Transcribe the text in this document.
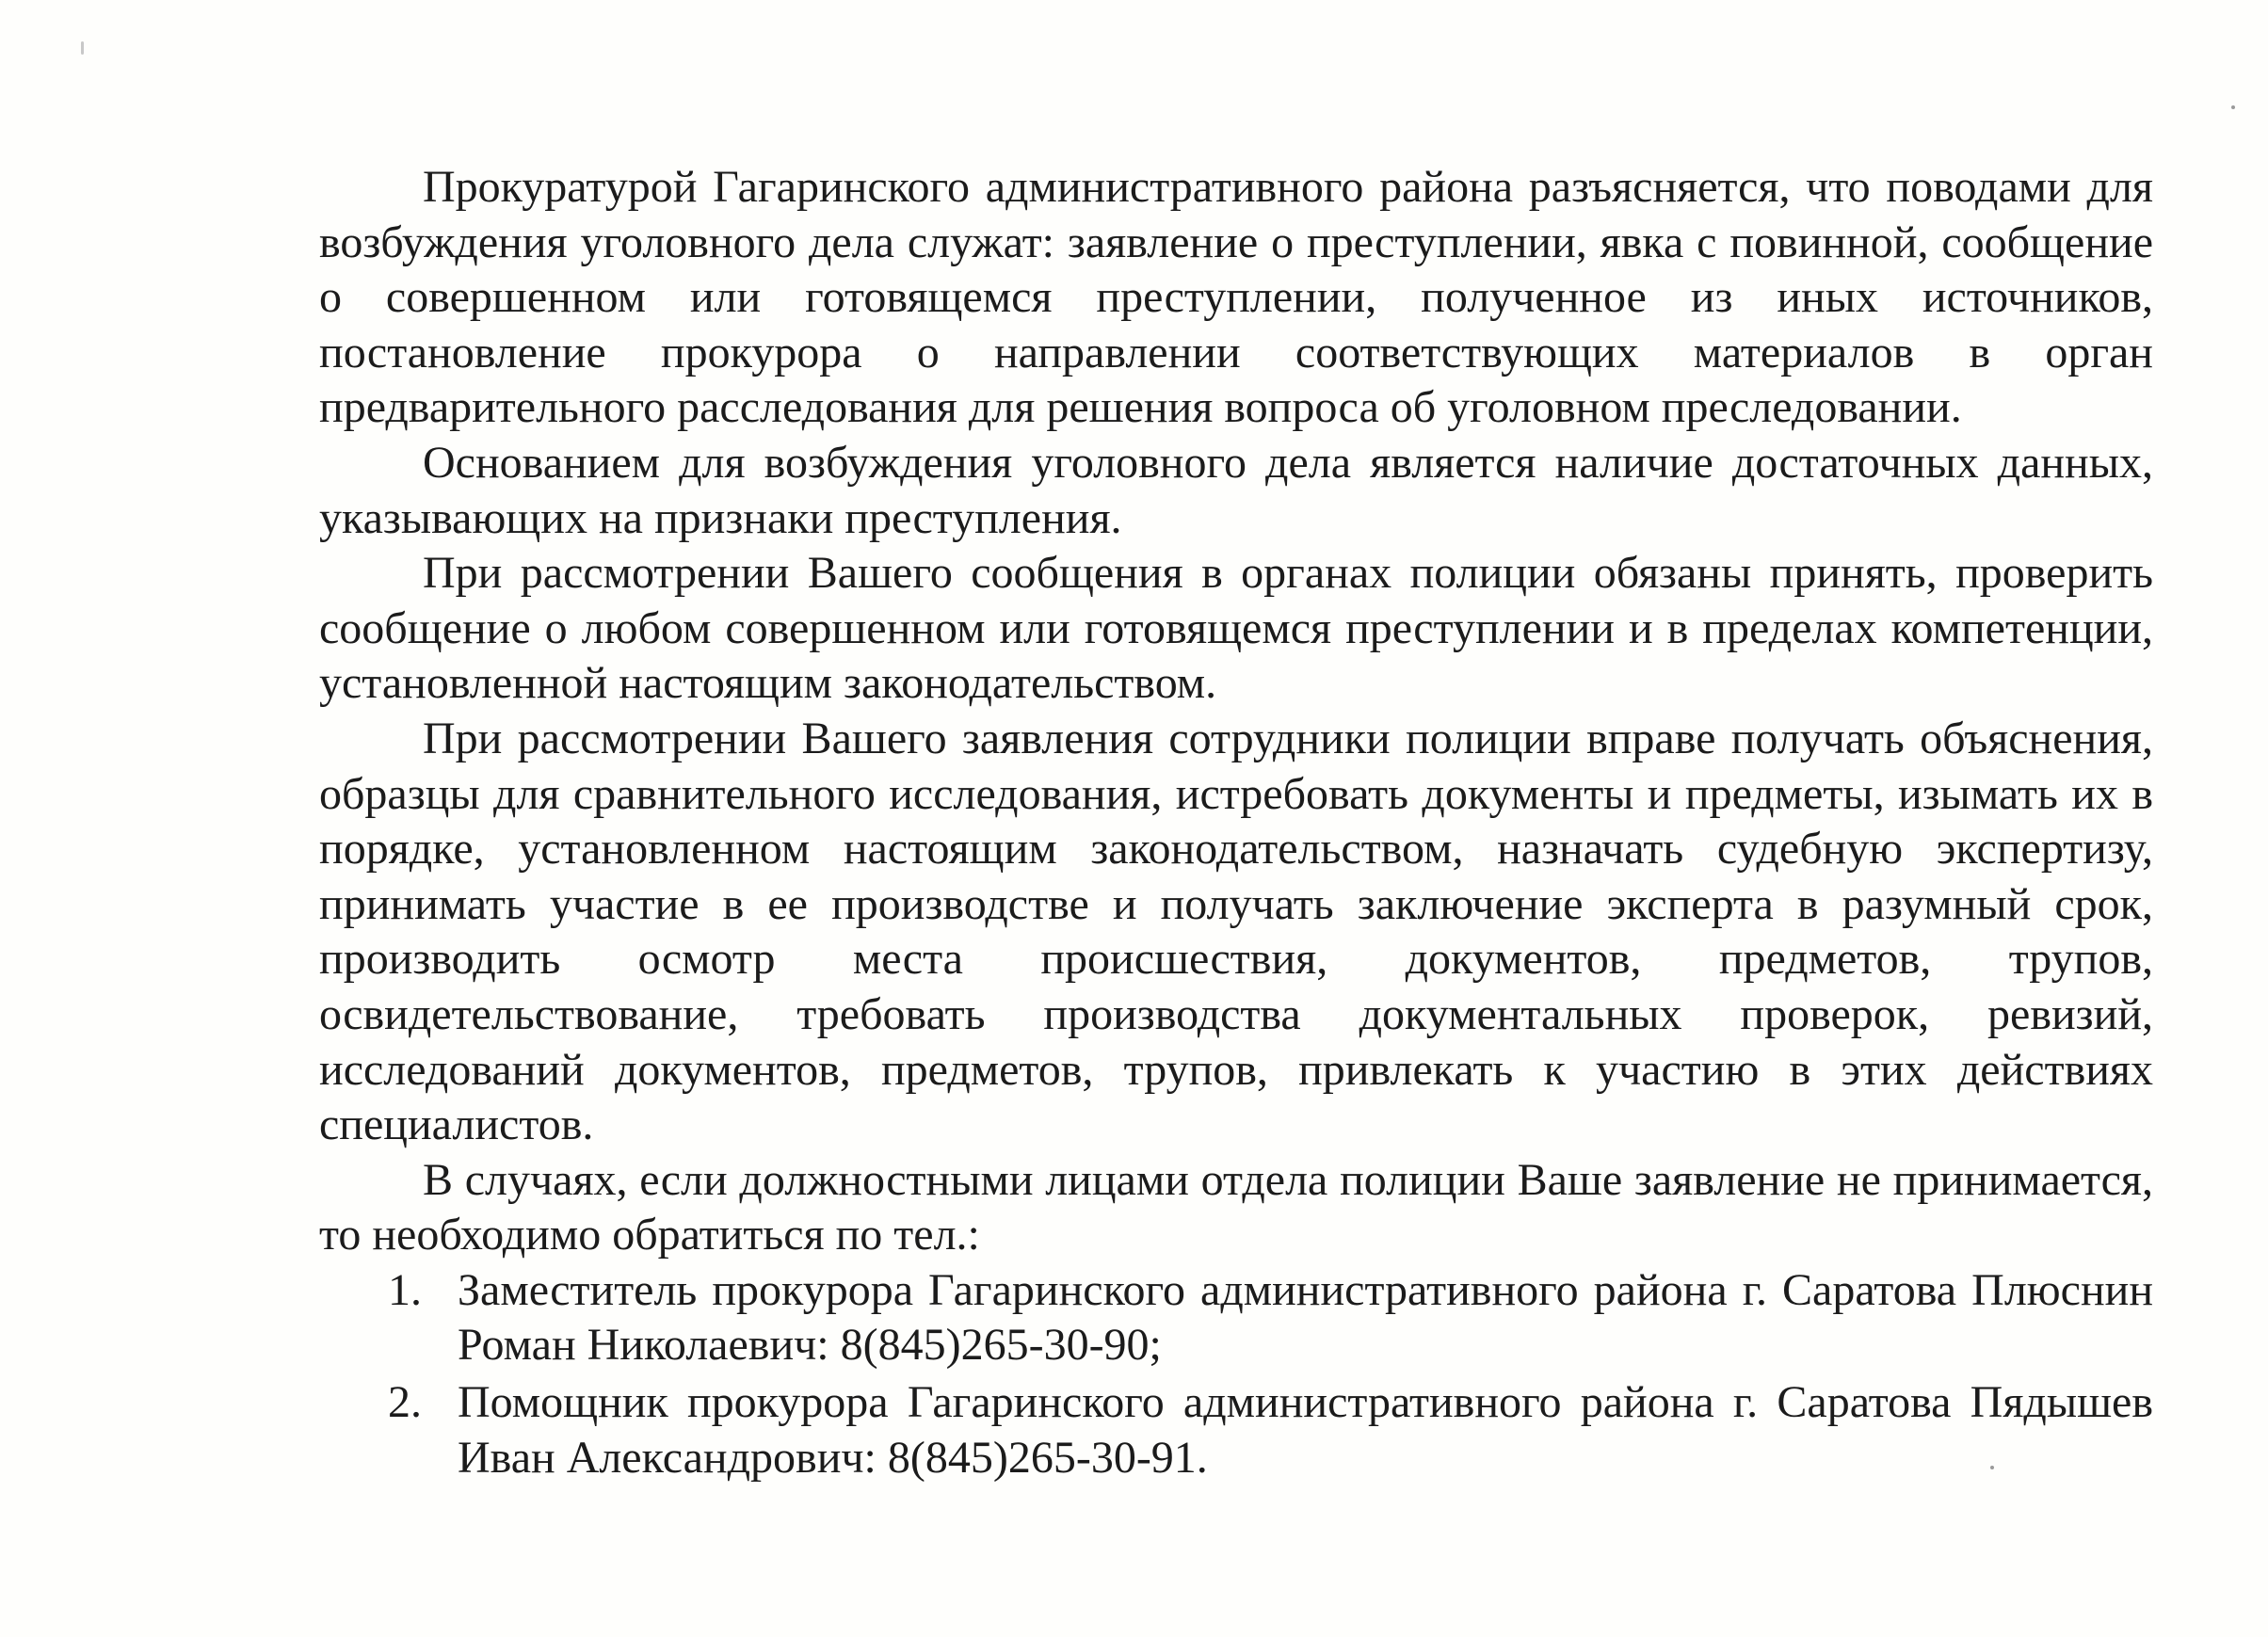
Прокуратурой Гагаринского административного района разъясняется, что поводами для возбуждения уголовного дела служат: заявление о преступлении, явка с повинной, сообщение о совершенном или готовящемся преступлении, полученное из иных источников, постановление прокурора о направлении соответствующих материалов в орган предварительного расследования для решения вопроса об уголовном преследовании.

Основанием для возбуждения уголовного дела является наличие достаточных данных, указывающих на признаки преступления.

При рассмотрении Вашего сообщения в органах полиции обязаны принять, проверить сообщение о любом совершенном или готовящемся преступлении и в пределах компетенции, установленной настоящим законодательством.

При рассмотрении Вашего заявления сотрудники полиции вправе получать объяснения, образцы для сравнительного исследования, истребовать документы и предметы, изымать их в порядке, установленном настоящим законодательством, назначать судебную экспертизу, принимать участие в ее производстве и получать заключение эксперта в разумный срок, производить осмотр места происшествия, документов, предметов, трупов, освидетельствование, требовать производства документальных проверок, ревизий, исследований документов, предметов, трупов, привлекать к участию в этих действиях специалистов.

В случаях, если должностными лицами отдела полиции Ваше заявление не принимается, то необходимо обратиться по тел.:

1. Заместитель прокурора Гагаринского административного района г. Саратова Плюснин Роман Николаевич: 8(845)265-30-90;
2. Помощник прокурора Гагаринского административного района г. Саратова Пядышев Иван Александрович: 8(845)265-30-91.
